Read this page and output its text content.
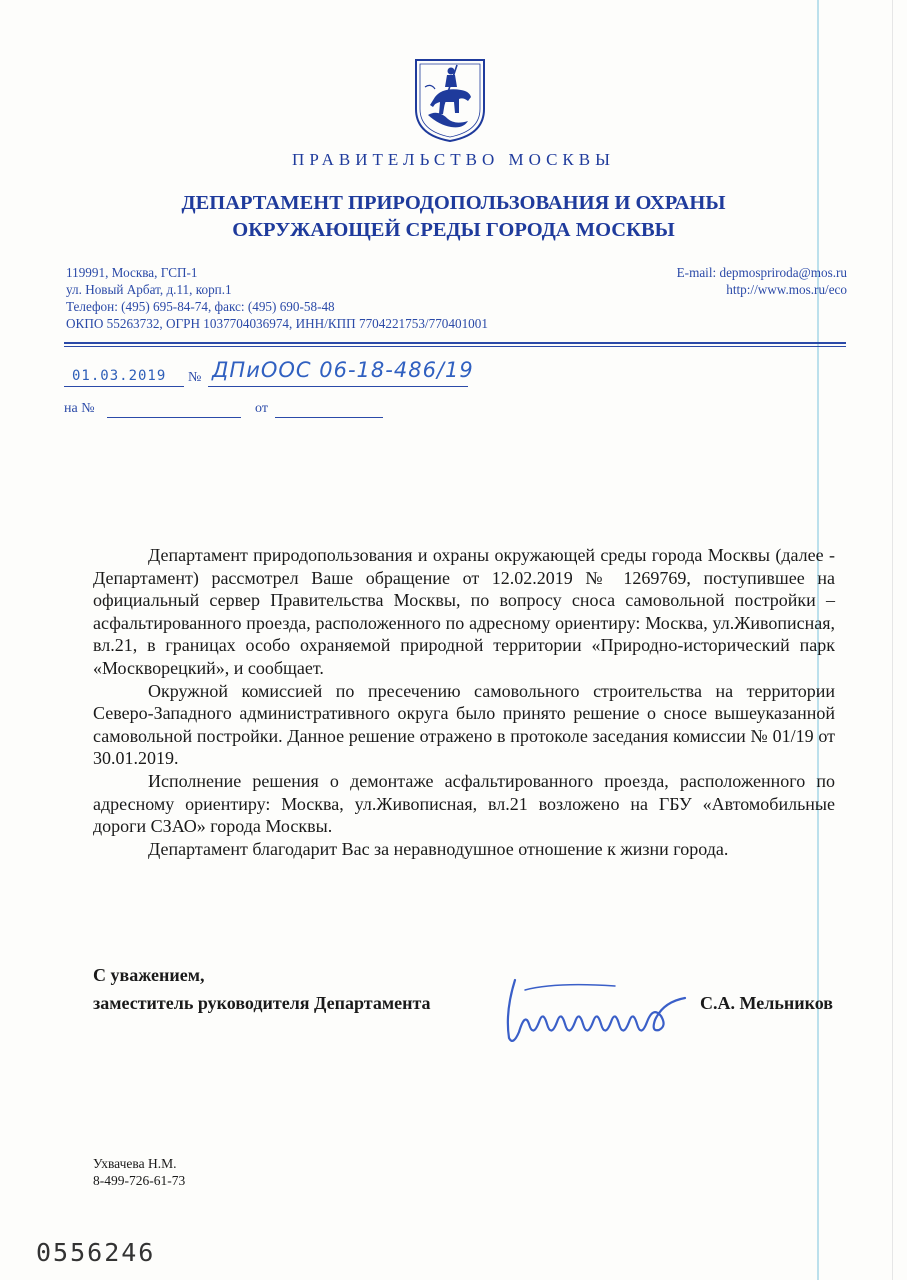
ПРАВИТЕЛЬСТВО МОСКВЫ
ДЕПАРТАМЕНТ ПРИРОДОПОЛЬЗОВАНИЯ И ОХРАНЫ
ОКРУЖАЮЩЕЙ СРЕДЫ ГОРОДА МОСКВЫ
119991, Москва, ГСП-1
ул. Новый Арбат, д.11, корп.1
Телефон: (495) 695-84-74, факс: (495) 690-58-48
ОКПО 55263732, ОГРН 1037704036974, ИНН/КПП 7704221753/770401001
E-mail: depmospriroda@mos.ru
http://www.mos.ru/eco
01.03.2019 № ДПиООС 06-18-486/19
на №	от

Департамент природопользования и охраны окружающей среды города Москвы (далее - Департамент) рассмотрел Ваше обращение от 12.02.2019 № 1269769, поступившее на официальный сервер Правительства Москвы, по вопросу сноса самовольной постройки – асфальтированного проезда, расположенного по адресному ориентиру: Москва, ул.Живописная, вл.21, в границах особо охраняемой природной территории «Природно-исторический парк «Москворецкий», и сообщает.

Окружной комиссией по пресечению самовольного строительства на территории Северо-Западного административного округа было принято решение о сносе вышеуказанной самовольной постройки. Данное решение отражено в протоколе заседания комиссии № 01/19 от 30.01.2019.

Исполнение решения о демонтаже асфальтированного проезда, расположенного по адресному ориентиру: Москва, ул.Живописная, вл.21 возложено на ГБУ «Автомобильные дороги СЗАО» города Москвы.

Департамент благодарит Вас за неравнодушное отношение к жизни города.

С уважением,
заместитель руководителя Департамента	С.А. Мельников
Ухвачева Н.М.
8-499-726-61-73
0556246
